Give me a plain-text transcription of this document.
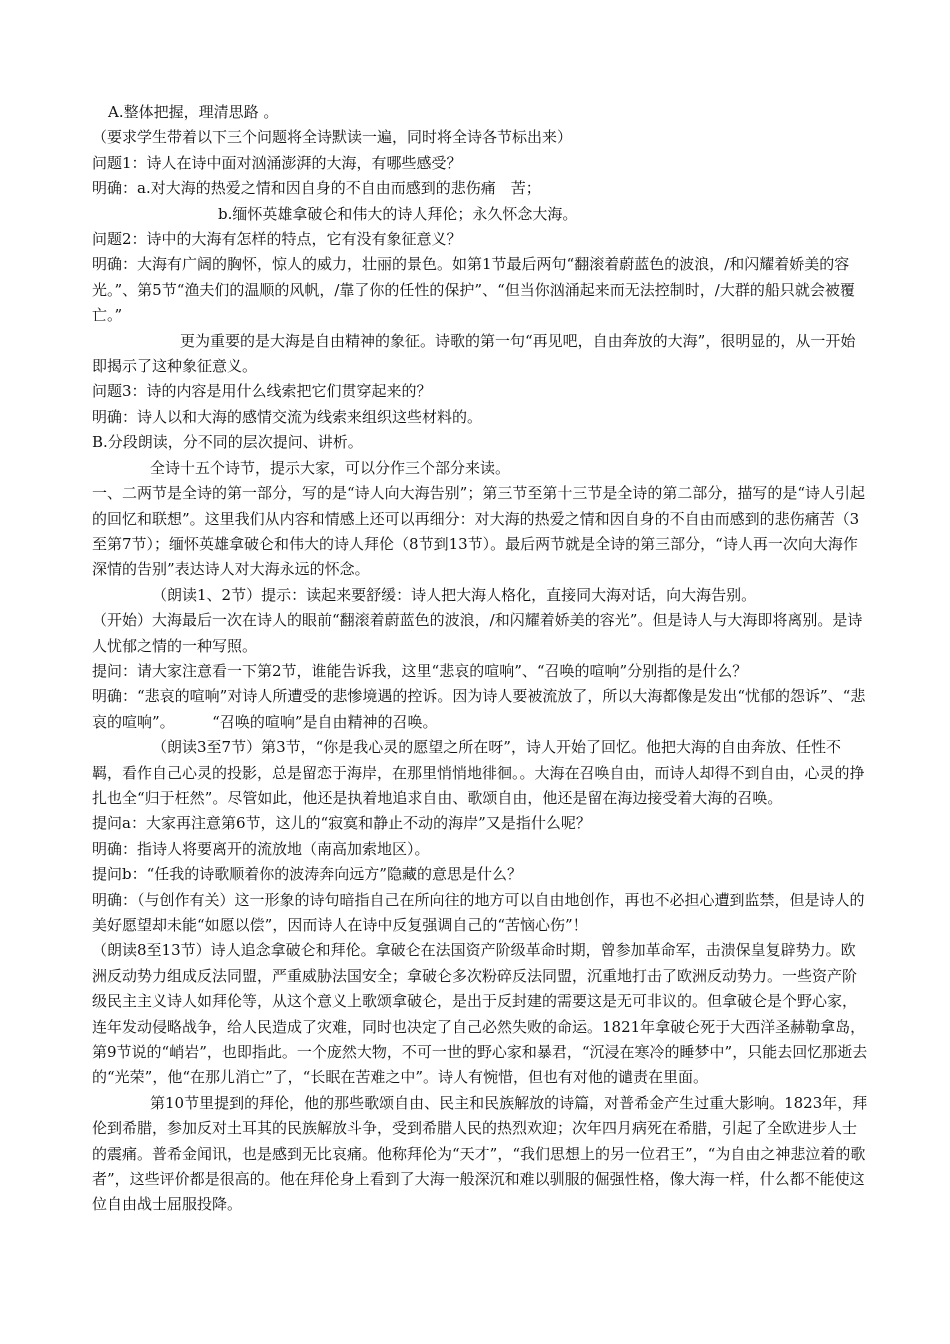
A.整体把握，理清思路 。

（要求学生带着以下三个问题将全诗默读一遍，同时将全诗各节标出来）

问题1：诗人在诗中面对汹涌澎湃的大海，有哪些感受？

明确：a.对大海的热爱之情和因自身的不自由而感到的悲伤痛　苦；

b.缅怀英雄拿破仑和伟大的诗人拜伦；永久怀念大海。

问题2：诗中的大海有怎样的特点，它有没有象征意义？

明确：大海有广阔的胸怀，惊人的威力，壮丽的景色。如第1节最后两句“翻滚着蔚蓝色的波浪，/和闪耀着娇美的容光。”、第5节“渔夫们的温顺的风帆，/靠了你的任性的保护”、“但当你汹涌起来而无法控制时，/大群的船只就会被覆亡。”

更为重要的是大海是自由精神的象征。诗歌的第一句“再见吧，自由奔放的大海”，很明显的，从一开始即揭示了这种象征意义。

问题3：诗的内容是用什么线索把它们贯穿起来的？

明确：诗人以和大海的感情交流为线索来组织这些材料的。

B.分段朗读，分不同的层次提问、讲析。

全诗十五个诗节，提示大家，可以分作三个部分来读。

一、二两节是全诗的第一部分，写的是“诗人向大海告别”；第三节至第十三节是全诗的第二部分，描写的是“诗人引起的回忆和联想”。这里我们从内容和情感上还可以再细分：对大海的热爱之情和因自身的不自由而感到的悲伤痛苦（3至第7节）；缅怀英雄拿破仑和伟大的诗人拜伦（8节到13节）。最后两节就是全诗的第三部分，“诗人再一次向大海作深情的告别”表达诗人对大海永远的怀念。

（朗读1、2节）提示：读起来要舒缓：诗人把大海人格化，直接同大海对话，向大海告别。

（开始）大海最后一次在诗人的眼前“翻滚着蔚蓝色的波浪，/和闪耀着娇美的容光”。但是诗人与大海即将离别。是诗人忧郁之情的一种写照。

提问：请大家注意看一下第2节，谁能告诉我，这里“悲哀的喧响”、“召唤的喧响”分别指的是什么？

明确：“悲哀的喧响”对诗人所遭受的悲惨境遇的控诉。因为诗人要被流放了，所以大海都像是发出“忧郁的怨诉”、“悲哀的喧响”。　　　“召唤的喧响”是自由精神的召唤。

（朗读3至7节）第3节，“你是我心灵的愿望之所在呀”，诗人开始了回忆。他把大海的自由奔放、任性不羁，看作自己心灵的投影，总是留恋于海岸，在那里悄悄地徘徊。。大海在召唤自由，而诗人却得不到自由，心灵的挣扎也全“归于枉然”。尽管如此，他还是执着地追求自由、歌颂自由，他还是留在海边接受着大海的召唤。

提问a：大家再注意第6节，这儿的“寂寞和静止不动的海岸”又是指什么呢？

明确：指诗人将要离开的流放地（南高加索地区）。

提问b：“任我的诗歌顺着你的波涛奔向远方”隐藏的意思是什么？

明确：（与创作有关）这一形象的诗句暗指自己在所向往的地方可以自由地创作，再也不必担心遭到监禁，但是诗人的美好愿望却未能“如愿以偿”，因而诗人在诗中反复强调自己的“苦恼心伤”！

（朗读8至13节）诗人追念拿破仑和拜伦。拿破仑在法国资产阶级革命时期，曾参加革命军，击溃保皇复辟势力。欧洲反动势力组成反法同盟，严重威胁法国安全；拿破仑多次粉碎反法同盟，沉重地打击了欧洲反动势力。一些资产阶级民主主义诗人如拜伦等，从这个意义上歌颂拿破仑，是出于反封建的需要这是无可非议的。但拿破仑是个野心家，连年发动侵略战争，给人民造成了灾难，同时也决定了自己必然失败的命运。1821年拿破仑死于大西洋圣赫勒拿岛，第9节说的“峭岩”，也即指此。一个庞然大物，不可一世的野心家和暴君，“沉浸在寒冷的睡梦中”，只能去回忆那逝去的“光荣”，他“在那儿消亡”了，“长眠在苦难之中”。诗人有惋惜，但也有对他的谴责在里面。

第10节里提到的拜伦，他的那些歌颂自由、民主和民族解放的诗篇，对普希金产生过重大影响。1823年，拜伦到希腊，参加反对土耳其的民族解放斗争，受到希腊人民的热烈欢迎；次年四月病死在希腊，引起了全欧进步人士的震痛。普希金闻讯，也是感到无比哀痛。他称拜伦为“天才”，“我们思想上的另一位君王”，“为自由之神悲泣着的歌者”，这些评价都是很高的。他在拜伦身上看到了大海一般深沉和难以驯服的倔强性格，像大海一样，什么都不能使这位自由战士屈服投降。
